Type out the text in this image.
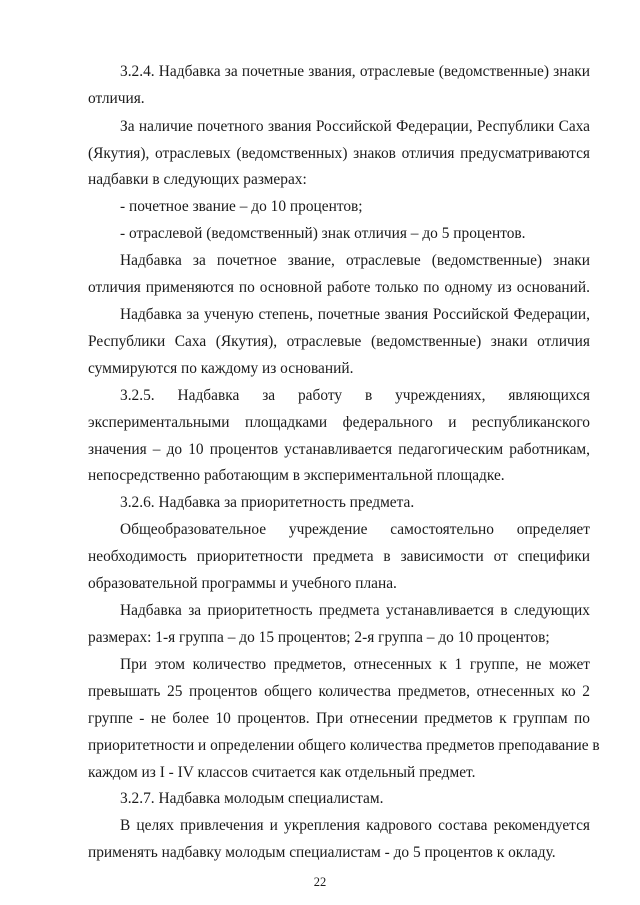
3.2.4. Надбавка за почетные звания, отраслевые (ведомственные) знаки
отличия.
За наличие почетного звания Российской Федерации, Республики Саха
(Якутия), отраслевых (ведомственных) знаков отличия предусматриваются
надбавки в следующих размерах:
- почетное звание – до 10 процентов;
- отраслевой (ведомственный) знак отличия – до 5 процентов.
Надбавка за почетное звание, отраслевые (ведомственные) знаки
отличия применяются по основной работе только по одному из оснований.
Надбавка за ученую степень, почетные звания Российской Федерации,
Республики Саха (Якутия), отраслевые (ведомственные) знаки отличия
суммируются по каждому из оснований.
3.2.5. Надбавка за работу в учреждениях, являющихся
экспериментальными площадками федерального и республиканского
значения – до 10 процентов устанавливается педагогическим работникам,
непосредственно работающим в экспериментальной площадке.
3.2.6. Надбавка за приоритетность предмета.
Общеобразовательное учреждение самостоятельно определяет
необходимость приоритетности предмета в зависимости от специфики
образовательной программы и учебного плана.
Надбавка за приоритетность предмета устанавливается в следующих
размерах: 1-я группа – до 15 процентов; 2-я группа – до 10 процентов;
При этом количество предметов, отнесенных к 1 группе, не может
превышать 25 процентов общего количества предметов, отнесенных ко 2
группе - не более 10 процентов. При отнесении предметов к группам по
приоритетности и определении общего количества предметов преподавание в
каждом из I - IV классов считается как отдельный предмет.
3.2.7. Надбавка молодым специалистам.
В целях привлечения и укрепления кадрового состава рекомендуется
применять надбавку молодым специалистам - до 5 процентов к окладу.
22
